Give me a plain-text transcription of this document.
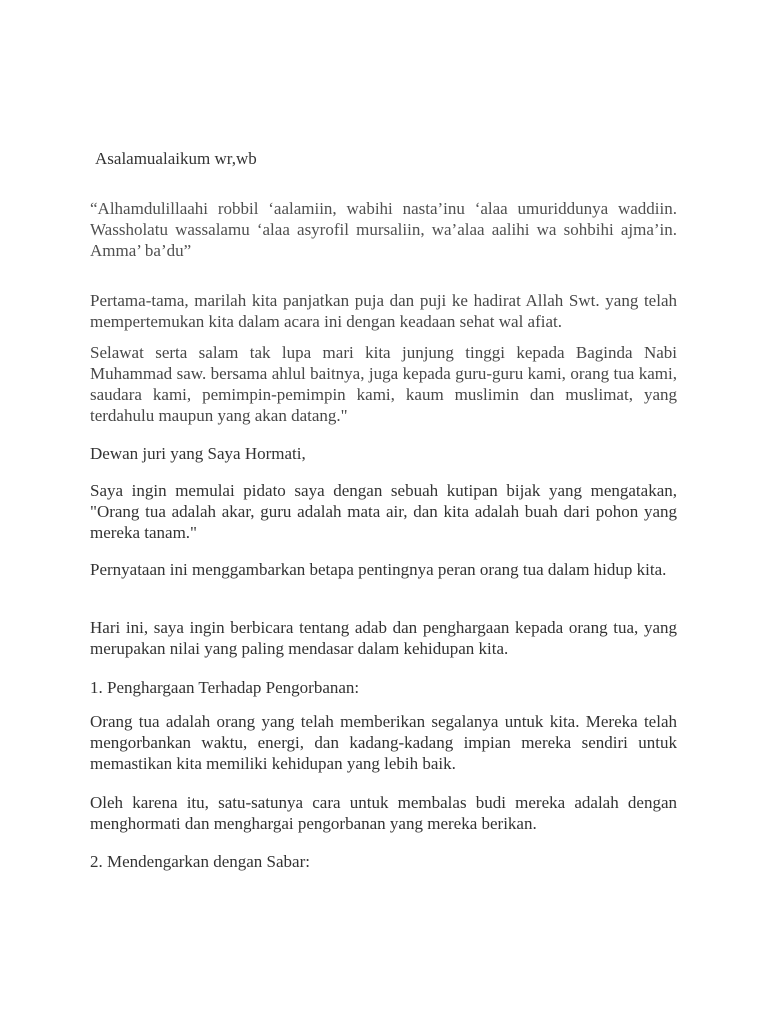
Asalamualaikum wr,wb

“Alhamdulillaahi robbil ‘aalamiin, wabihi nasta’inu ‘alaa umuriddunya waddiin. Wassholatu wassalamu ‘alaa asyrofil mursaliin, wa’alaa aalihi wa sohbihi ajma’in. Amma’ ba’du”

Pertama-tama, marilah kita panjatkan puja dan puji ke hadirat Allah Swt. yang telah mempertemukan kita dalam acara ini dengan keadaan sehat wal afiat.

Selawat serta salam tak lupa mari kita junjung tinggi kepada Baginda Nabi Muhammad saw. bersama ahlul baitnya, juga kepada guru-guru kami, orang tua kami, saudara kami, pemimpin-pemimpin kami, kaum muslimin dan muslimat, yang terdahulu maupun yang akan datang."

Dewan juri yang Saya Hormati,

Saya ingin memulai pidato saya dengan sebuah kutipan bijak yang mengatakan, "Orang tua adalah akar, guru adalah mata air, dan kita adalah buah dari pohon yang mereka tanam."

Pernyataan ini menggambarkan betapa pentingnya peran orang tua dalam hidup kita.

Hari ini, saya ingin berbicara tentang adab dan penghargaan kepada orang tua, yang merupakan nilai yang paling mendasar dalam kehidupan kita.

1. Penghargaan Terhadap Pengorbanan:

Orang tua adalah orang yang telah memberikan segalanya untuk kita. Mereka telah mengorbankan waktu, energi, dan kadang-kadang impian mereka sendiri untuk memastikan kita memiliki kehidupan yang lebih baik.

Oleh karena itu, satu-satunya cara untuk membalas budi mereka adalah dengan menghormati dan menghargai pengorbanan yang mereka berikan.

2. Mendengarkan dengan Sabar:
